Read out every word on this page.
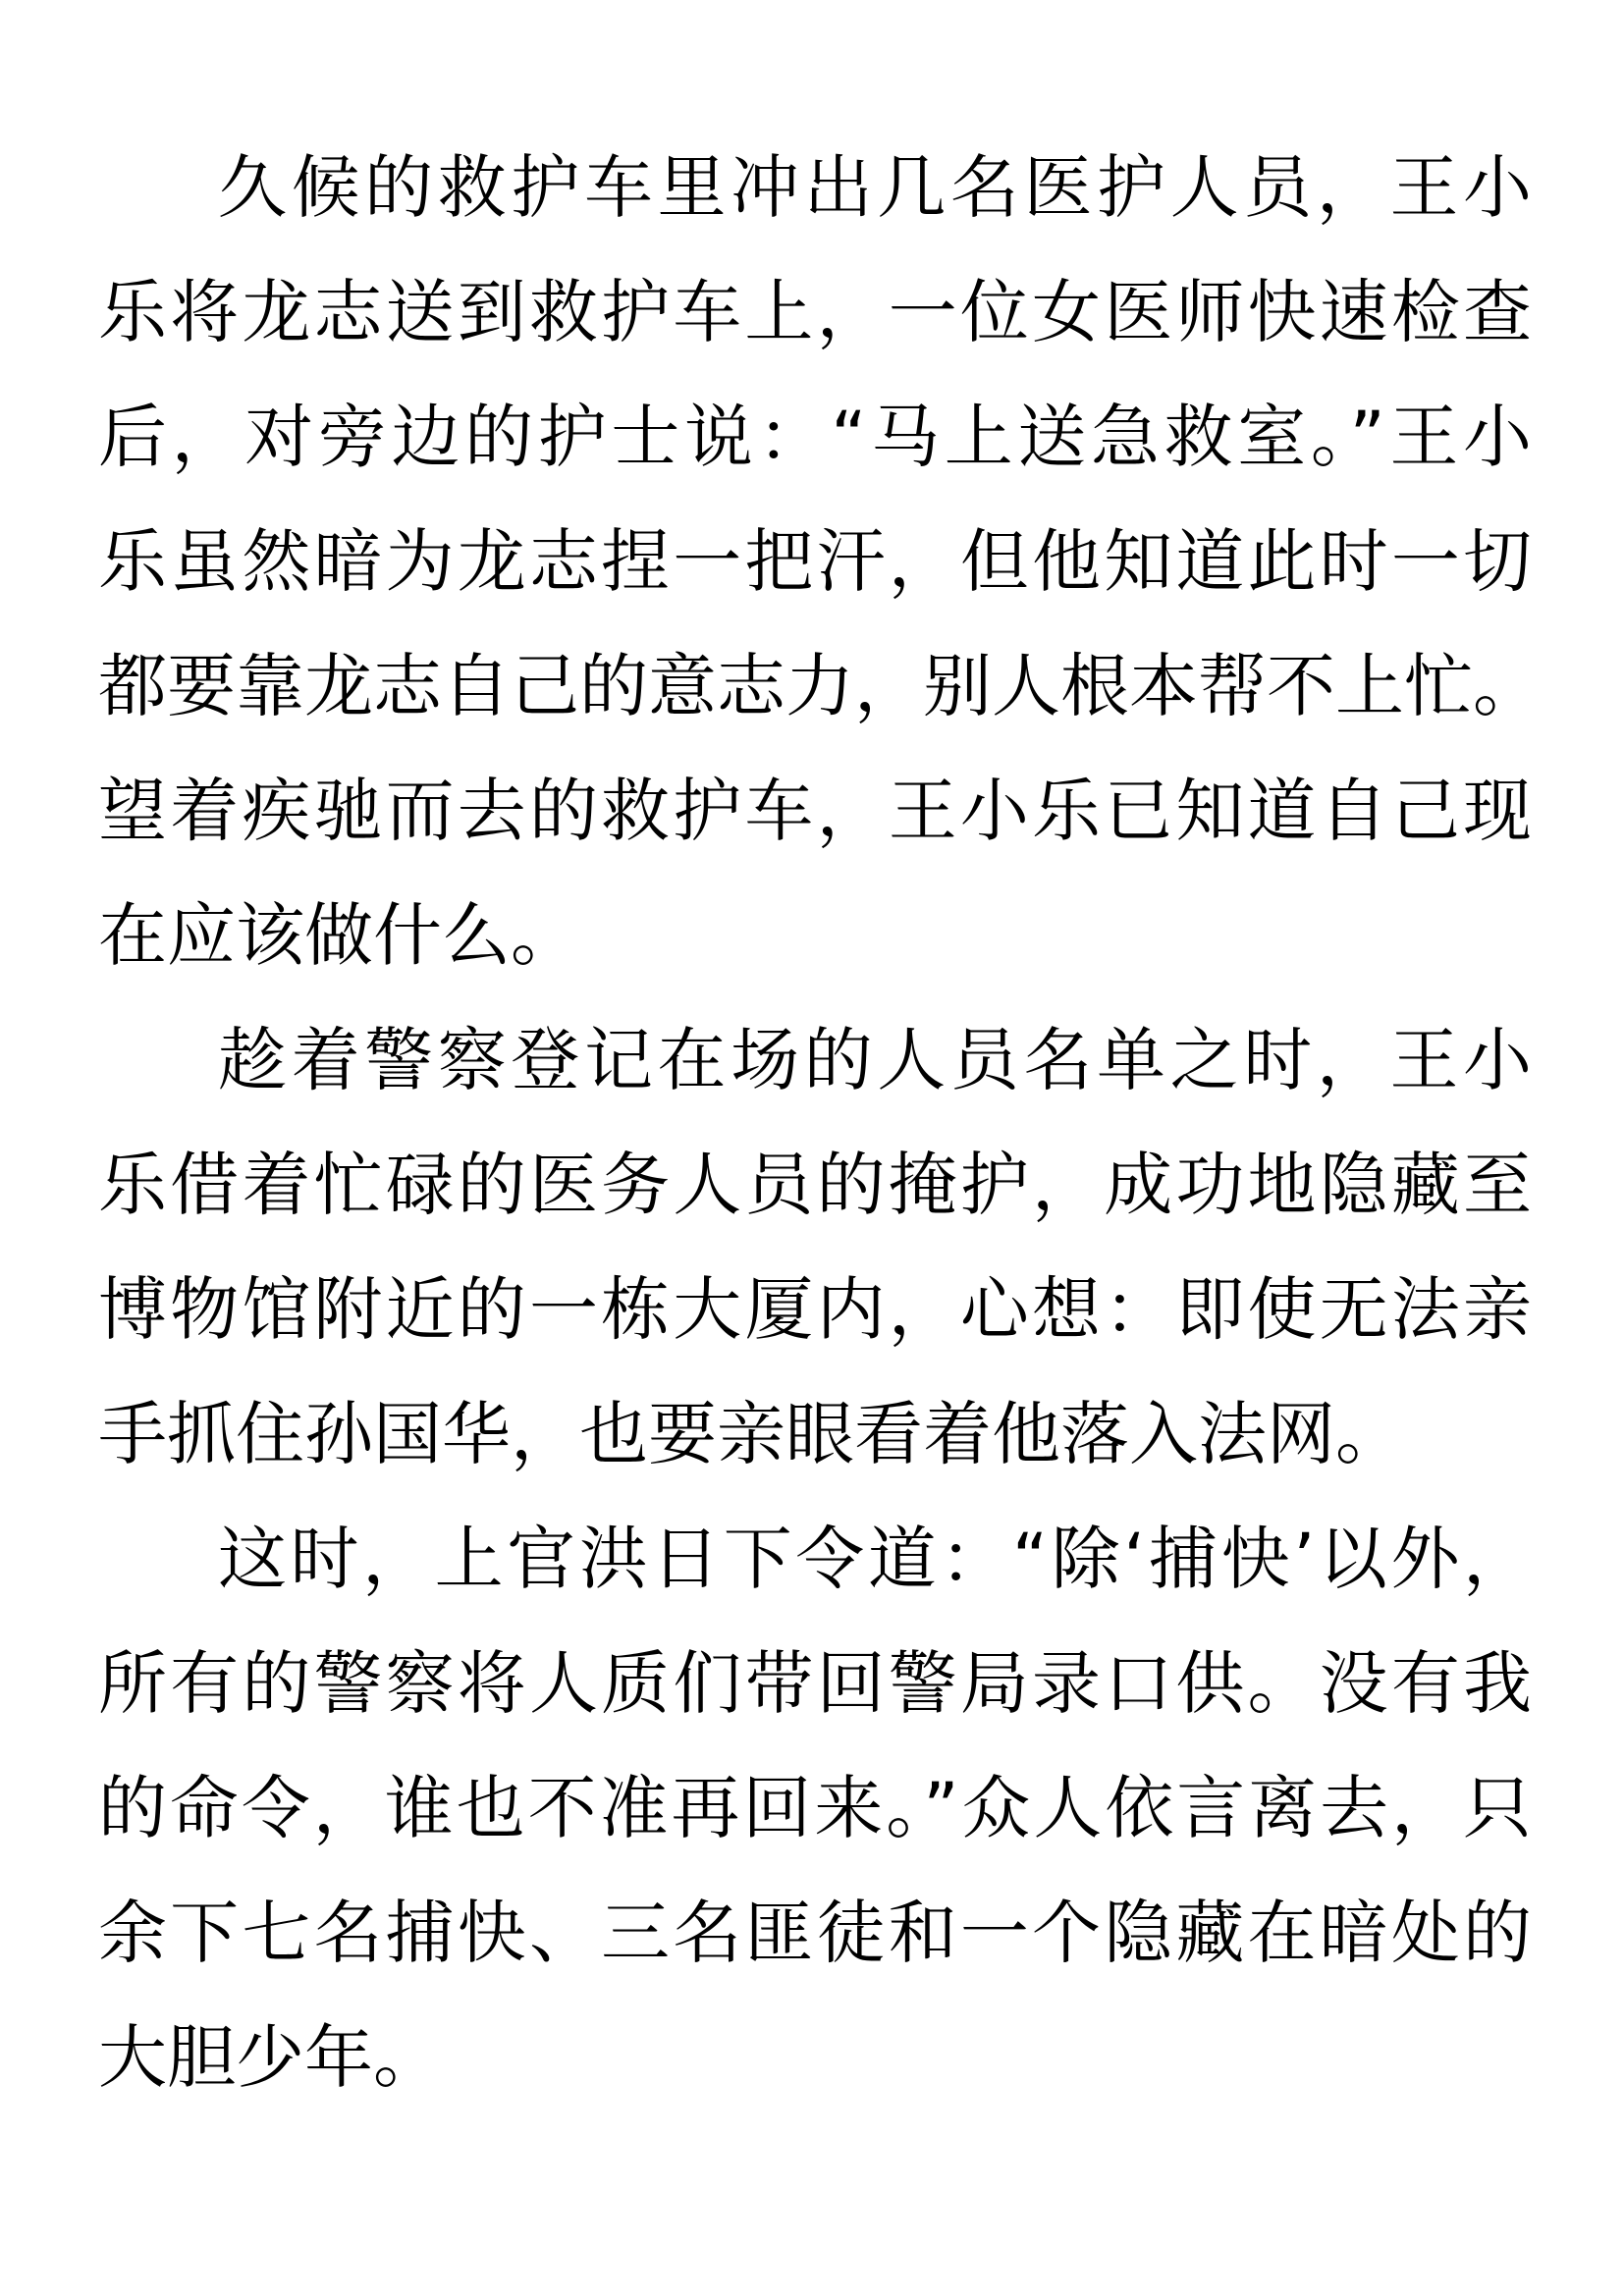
久候的救护车里冲出几名医护人员，王小
乐将龙志送到救护车上，一位女医师快速检查
后，对旁边的护士说：“马上送急救室。”王小
乐虽然暗为龙志捏一把汗，但他知道此时一切
都要靠龙志自己的意志力，别人根本帮不上忙。
望着疾驰而去的救护车，王小乐已知道自己现
在应该做什么。
趁着警察登记在场的人员名单之时，王小
乐借着忙碌的医务人员的掩护，成功地隐藏至
博物馆附近的一栋大厦内，心想：即使无法亲
手抓住孙国华，也要亲眼看着他落入法网。
这时，上官洪日下令道：“除‘捕快’以外，
所有的警察将人质们带回警局录口供。没有我
的命令，谁也不准再回来。”众人依言离去，只
余下七名捕快、三名匪徒和一个隐藏在暗处的
大胆少年。
